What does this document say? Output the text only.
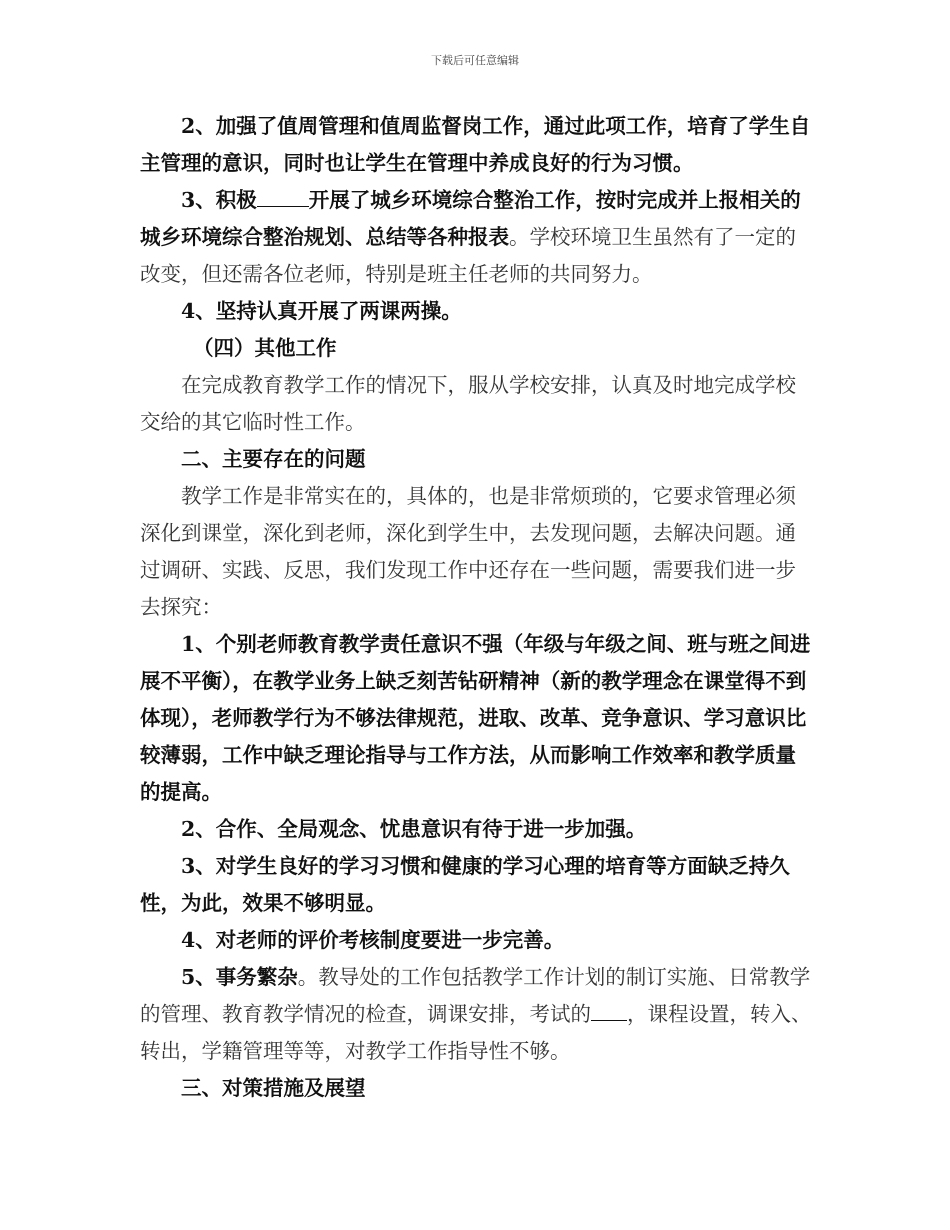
下载后可任意编辑

2、加强了值周管理和值周监督岗工作，通过此项工作，培育了学生自主管理的意识，同时也让学生在管理中养成良好的行为习惯。

3、积极	开展了城乡环境综合整治工作，按时完成并上报相关的城乡环境综合整治规划、总结等各种报表。学校环境卫生虽然有了一定的改变，但还需各位老师，特别是班主任老师的共同努力。

4、坚持认真开展了两课两操。

（四）其他工作

在完成教育教学工作的情况下，服从学校安排，认真及时地完成学校交给的其它临时性工作。

二、主要存在的问题

教学工作是非常实在的，具体的，也是非常烦琐的，它要求管理必须深化到课堂，深化到老师，深化到学生中，去发现问题，去解决问题。通过调研、实践、反思，我们发现工作中还存在一些问题，需要我们进一步去探究：

1、个别老师教育教学责任意识不强（年级与年级之间、班与班之间进展不平衡），在教学业务上缺乏刻苦钻研精神（新的教学理念在课堂得不到体现），老师教学行为不够法律规范，进取、改革、竞争意识、学习意识比较薄弱，工作中缺乏理论指导与工作方法，从而影响工作效率和教学质量的提高。

2、合作、全局观念、忧患意识有待于进一步加强。

3、对学生良好的学习习惯和健康的学习心理的培育等方面缺乏持久性，为此，效果不够明显。

4、对老师的评价考核制度要进一步完善。

5、事务繁杂。教导处的工作包括教学工作计划的制订实施、日常教学的管理、教育教学情况的检查，调课安排，考试的 ，课程设置，转入、转出，学籍管理等等，对教学工作指导性不够。

三、对策措施及展望
